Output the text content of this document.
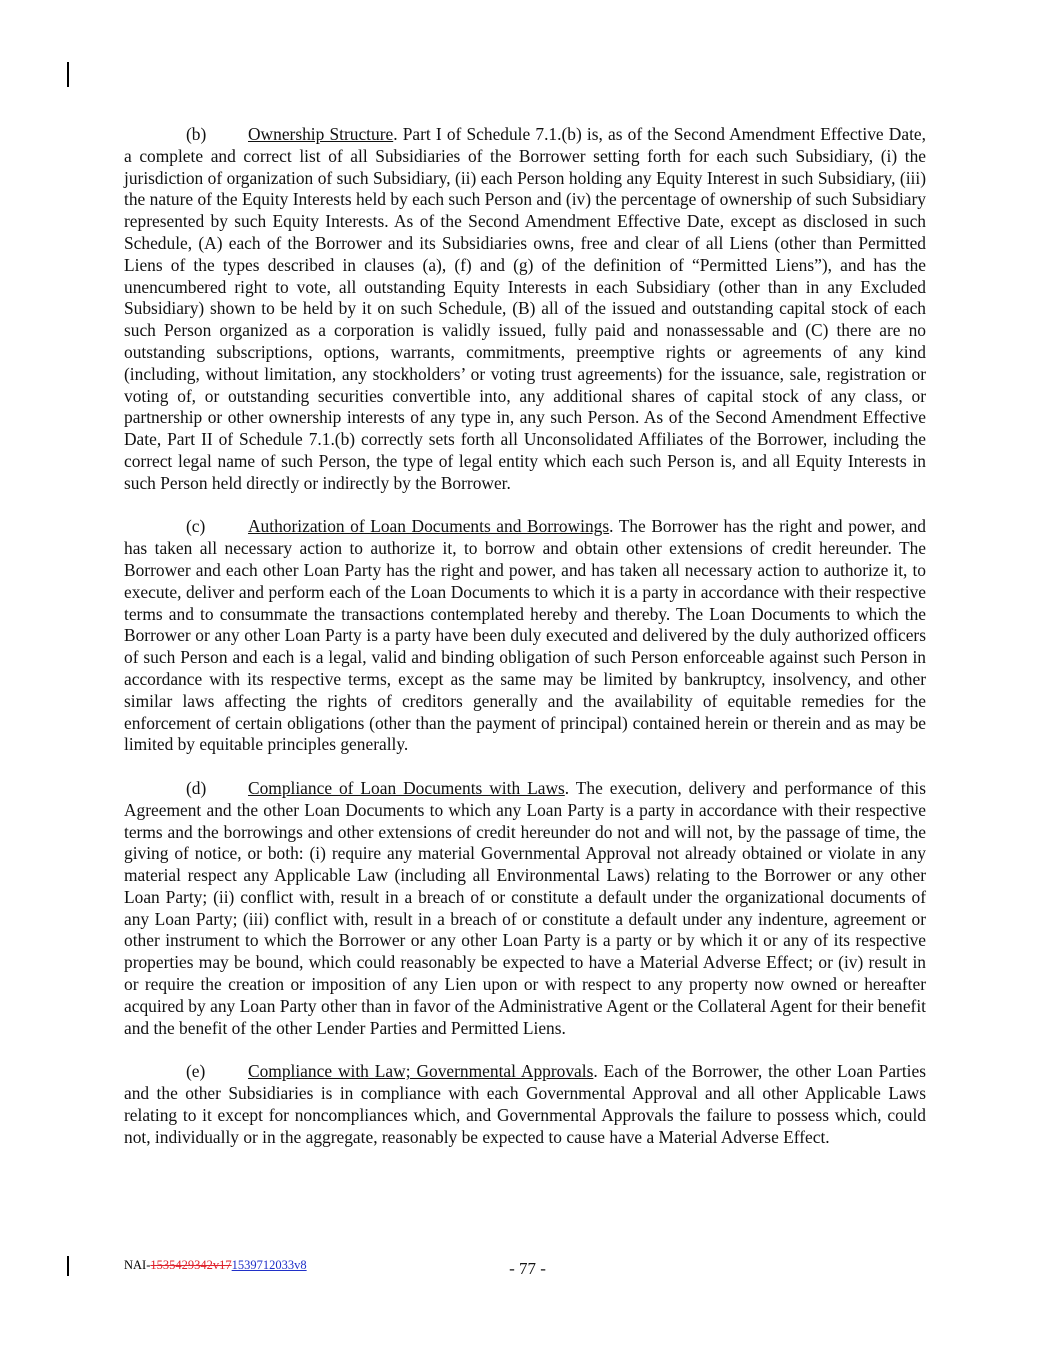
(b) Ownership Structure. Part I of Schedule 7.1.(b) is, as of the Second Amendment Effective Date, a complete and correct list of all Subsidiaries of the Borrower setting forth for each such Subsidiary, (i) the jurisdiction of organization of such Subsidiary, (ii) each Person holding any Equity Interest in such Subsidiary, (iii) the nature of the Equity Interests held by each such Person and (iv) the percentage of ownership of such Subsidiary represented by such Equity Interests. As of the Second Amendment Effective Date, except as disclosed in such Schedule, (A) each of the Borrower and its Subsidiaries owns, free and clear of all Liens (other than Permitted Liens of the types described in clauses (a), (f) and (g) of the definition of “Permitted Liens”), and has the unencumbered right to vote, all outstanding Equity Interests in each Subsidiary (other than in any Excluded Subsidiary) shown to be held by it on such Schedule, (B) all of the issued and outstanding capital stock of each such Person organized as a corporation is validly issued, fully paid and nonassessable and (C) there are no outstanding subscriptions, options, warrants, commitments, preemptive rights or agreements of any kind (including, without limitation, any stockholders’ or voting trust agreements) for the issuance, sale, registration or voting of, or outstanding securities convertible into, any additional shares of capital stock of any class, or partnership or other ownership interests of any type in, any such Person. As of the Second Amendment Effective Date, Part II of Schedule 7.1.(b) correctly sets forth all Unconsolidated Affiliates of the Borrower, including the correct legal name of such Person, the type of legal entity which each such Person is, and all Equity Interests in such Person held directly or indirectly by the Borrower.

(c) Authorization of Loan Documents and Borrowings. The Borrower has the right and power, and has taken all necessary action to authorize it, to borrow and obtain other extensions of credit hereunder. The Borrower and each other Loan Party has the right and power, and has taken all necessary action to authorize it, to execute, deliver and perform each of the Loan Documents to which it is a party in accordance with their respective terms and to consummate the transactions contemplated hereby and thereby. The Loan Documents to which the Borrower or any other Loan Party is a party have been duly executed and delivered by the duly authorized officers of such Person and each is a legal, valid and binding obligation of such Person enforceable against such Person in accordance with its respective terms, except as the same may be limited by bankruptcy, insolvency, and other similar laws affecting the rights of creditors generally and the availability of equitable remedies for the enforcement of certain obligations (other than the payment of principal) contained herein or therein and as may be limited by equitable principles generally.

(d) Compliance of Loan Documents with Laws. The execution, delivery and performance of this Agreement and the other Loan Documents to which any Loan Party is a party in accordance with their respective terms and the borrowings and other extensions of credit hereunder do not and will not, by the passage of time, the giving of notice, or both: (i) require any material Governmental Approval not already obtained or violate in any material respect any Applicable Law (including all Environmental Laws) relating to the Borrower or any other Loan Party; (ii) conflict with, result in a breach of or constitute a default under the organizational documents of any Loan Party; (iii) conflict with, result in a breach of or constitute a default under any indenture, agreement or other instrument to which the Borrower or any other Loan Party is a party or by which it or any of its respective properties may be bound, which could reasonably be expected to have a Material Adverse Effect; or (iv) result in or require the creation or imposition of any Lien upon or with respect to any property now owned or hereafter acquired by any Loan Party other than in favor of the Administrative Agent or the Collateral Agent for their benefit and the benefit of the other Lender Parties and Permitted Liens.

(e) Compliance with Law; Governmental Approvals. Each of the Borrower, the other Loan Parties and the other Subsidiaries is in compliance with each Governmental Approval and all other Applicable Laws relating to it except for noncompliances which, and Governmental Approvals the failure to possess which, could not, individually or in the aggregate, reasonably be expected to cause have a Material Adverse Effect.

NAI-1535429342v171539712033v8	- 77 -
